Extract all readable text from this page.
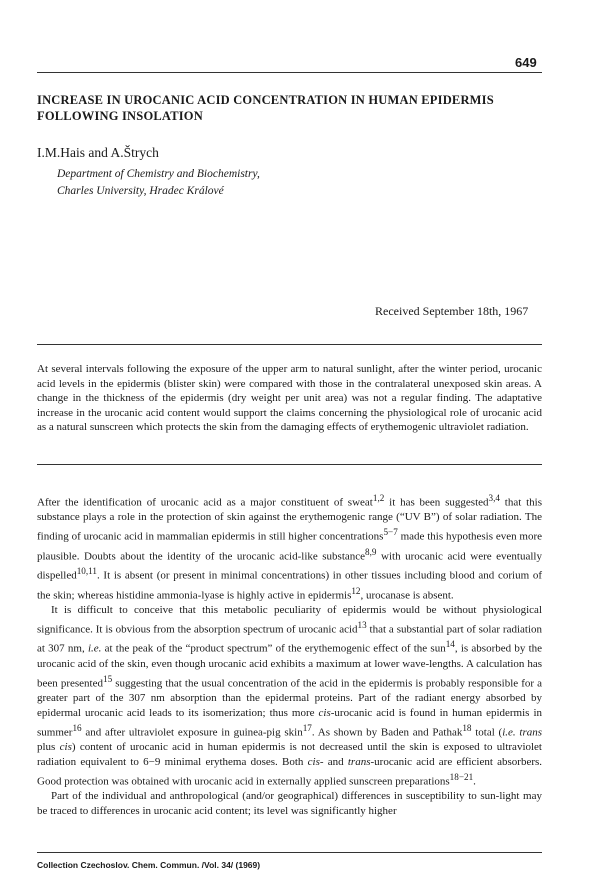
649
INCREASE IN UROCANIC ACID CONCENTRATION IN HUMAN EPIDERMIS FOLLOWING INSOLATION
I.M.Hais and A.Štrych
Department of Chemistry and Biochemistry,
Charles University, Hradec Králové
Received September 18th, 1967

At several intervals following the exposure of the upper arm to natural sunlight, after the winter period, urocanic acid levels in the epidermis (blister skin) were compared with those in the contralateral unexposed skin areas. A change in the thickness of the epidermis (dry weight per unit area) was not a regular finding. The adaptative increase in the urocanic acid content would support the claims concerning the physiological role of urocanic acid as a natural sunscreen which protects the skin from the damaging effects of erythemogenic ultraviolet radiation.

After the identification of urocanic acid as a major constituent of sweat$^{1,2}$ it has been suggested$^{3,4}$ that this substance plays a role in the protection of skin against the erythemogenic range (“UV B”) of solar radiation. The finding of urocanic acid in mammalian epidermis in still higher concentrations$^{5-7}$ made this hypothesis even more plausible. Doubts about the identity of the urocanic acid-like substance$^{8,9}$ with urocanic acid were eventually dispelled$^{10,11}$. It is absent (or present in minimal concentrations) in other tissues including blood and corium of the skin; whereas histidine ammonia-lyase is highly active in epidermis$^{12}$, urocanase is absent.

It is difficult to conceive that this metabolic peculiarity of epidermis would be without physiological significance. It is obvious from the absorption spectrum of urocanic acid$^{13}$ that a substantial part of solar radiation at 307 nm, i.e. at the peak of the “product spectrum” of the erythemogenic effect of the sun$^{14}$, is absorbed by the urocanic acid of the skin, even though urocanic acid exhibits a maximum at lower wave-lengths. A calculation has been presented$^{15}$ suggesting that the usual concentration of the acid in the epidermis is probably responsible for a greater part of the 307 nm absorption than the epidermal proteins. Part of the radiant energy absorbed by epidermal urocanic acid leads to its isomerization; thus more cis-urocanic acid is found in human epidermis in summer$^{16}$ and after ultraviolet exposure in guinea-pig skin$^{17}$. As shown by Baden and Pathak$^{18}$ total (i.e. trans plus cis) content of urocanic acid in human epidermis is not decreased until the skin is exposed to ultraviolet radiation equivalent to 6−9 minimal erythema doses. Both cis- and trans-urocanic acid are efficient absorbers. Good protection was obtained with urocanic acid in externally applied sunscreen preparations$^{18-21}$.

Part of the individual and anthropological (and/or geographical) differences in susceptibility to sun-light may be traced to differences in urocanic acid content; its level was significantly higher

Collection Czechoslov. Chem. Commun. /Vol. 34/ (1969)
